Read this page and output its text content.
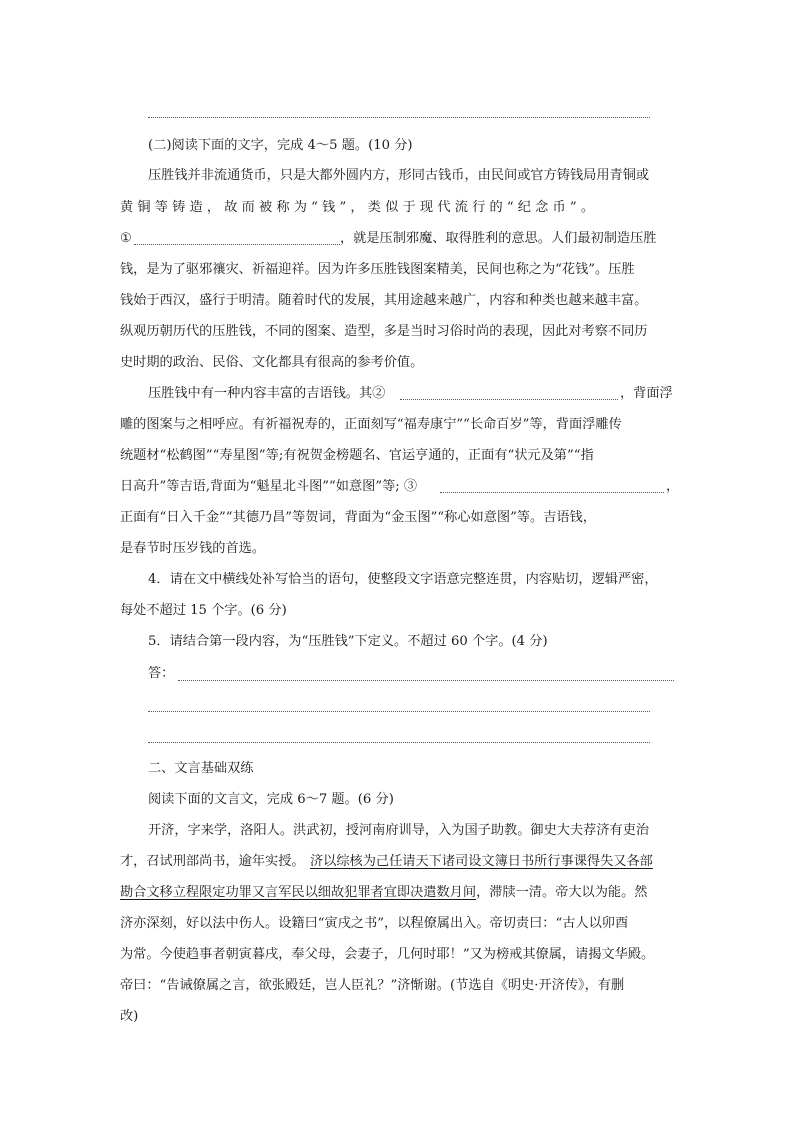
(二)阅读下面的文字，完成 4～5 题。(10 分)
压胜钱并非流通货币，只是大都外圆内方，形同古钱币，由民间或官方铸钱局用青铜或
黄 铜 等 铸 造 ， 故 而 被 称 为 “ 钱 ” ， 类 似 于 现 代 流 行 的 “ 纪 念 币 ” 。
①	，就是压制邪魔、取得胜利的意思。人们最初制造压胜
钱，是为了驱邪禳灾、祈福迎祥。因为许多压胜钱图案精美，民间也称之为“花钱”。压胜
钱始于西汉，盛行于明清。随着时代的发展，其用途越来越广，内容和种类也越来越丰富。
纵观历朝历代的压胜钱，不同的图案、造型，多是当时习俗时尚的表现，因此对考察不同历
史时期的政治、民俗、文化都具有很高的参考价值。
压胜钱中有一种内容丰富的吉语钱。其②	，背面浮
雕的图案与之相呼应。有祈福祝寿的，正面刻写“福寿康宁”“长命百岁”等，背面浮雕传
统题材“松鹤图”“寿星图”等;有祝贺金榜题名、官运亨通的，正面有“状元及第”“指
日高升”等吉语,背面为“魁星北斗图”“如意图”等; ③	，
正面有“日入千金”“其德乃昌”等贺词，背面为“金玉图”“称心如意图”等。吉语钱，
是春节时压岁钱的首选。
4．请在文中横线处补写恰当的语句，使整段文字语意完整连贯，内容贴切，逻辑严密，
每处不超过 15 个字。(6 分)
5．请结合第一段内容，为“压胜钱”下定义。不超过 60 个字。(4 分)
答：
二、文言基础双练
阅读下面的文言文，完成 6～7 题。(6 分)
开济，字来学，洛阳人。洪武初，授河南府训导，入为国子助教。御史大夫荐济有吏治
才，召试刑部尚书，逾年实授。 济以综核为己任请天下诸司设文簿日书所行事课得失又各部
勘合文移立程限定功罪又言军民以细故犯罪者宜即决遣数月间，滞牍一清。帝大以为能。然
济亦深刻，好以法中伤人。设籍曰“寅戌之书”，以程僚属出入。帝切责曰：“古人以卯酉
为常。今使趋事者朝寅暮戌，奉父母，会妻子，几何时耶！”又为榜戒其僚属，请揭文华殿。
帝曰：“告诫僚属之言，欲张殿廷，岂人臣礼？”济惭谢。(节选自《明史·开济传》，有删
改)
